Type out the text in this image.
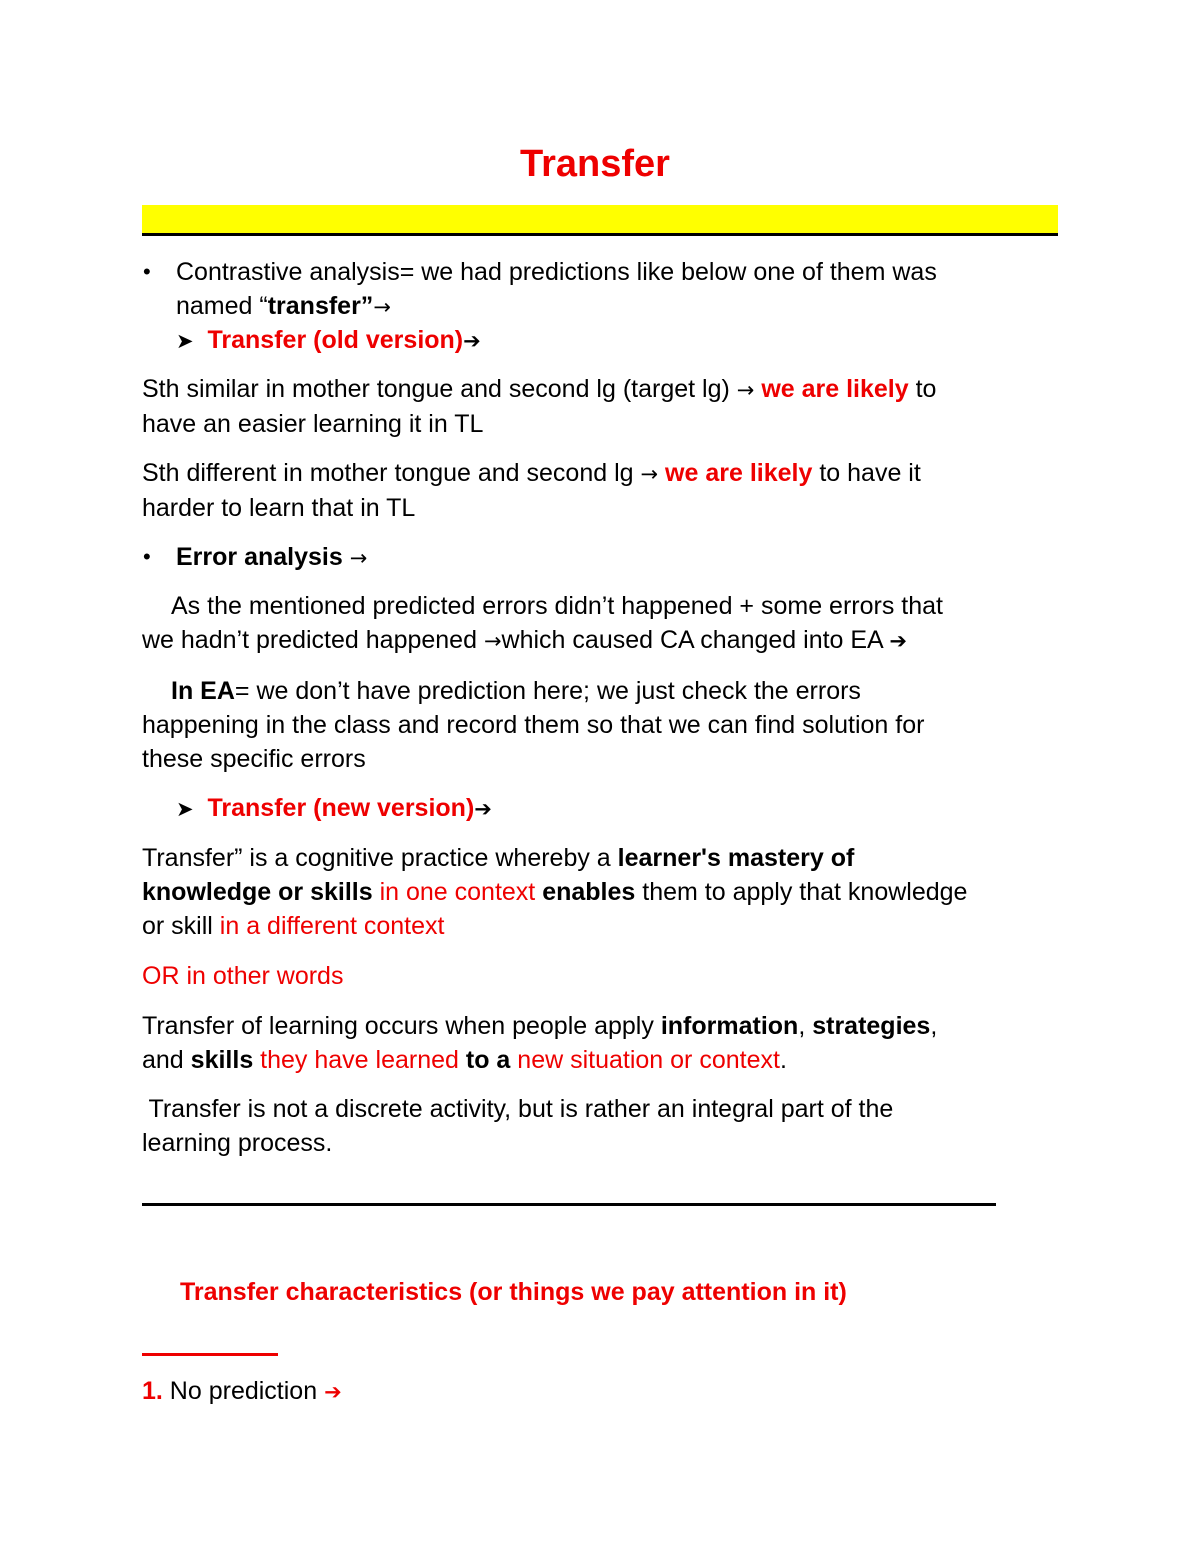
Transfer
• Contrastive analysis= we had predictions like below one of them was
named “transfer”→
➤ Transfer (old version)➔
Sth similar in mother tongue and second lg (target lg) → we are likely to
have an easier learning it in TL
Sth different in mother tongue and second lg → we are likely to have it
harder to learn that in TL
• Error analysis →
As the mentioned predicted errors didn’t happened + some errors that
we hadn’t predicted happened →which caused CA changed into EA ➔
In EA= we don’t have prediction here; we just check the errors
happening in the class and record them so that we can find solution for
these specific errors
➤ Transfer (new version)➔
Transfer” is a cognitive practice whereby a learner's mastery of
knowledge or skills in one context enables them to apply that knowledge
or skill in a different context
OR in other words
Transfer of learning occurs when people apply information, strategies,
and skills they have learned to a new situation or context.
Transfer is not a discrete activity, but is rather an integral part of the
learning process.
Transfer characteristics (or things we pay attention in it)
1. No prediction ➔
